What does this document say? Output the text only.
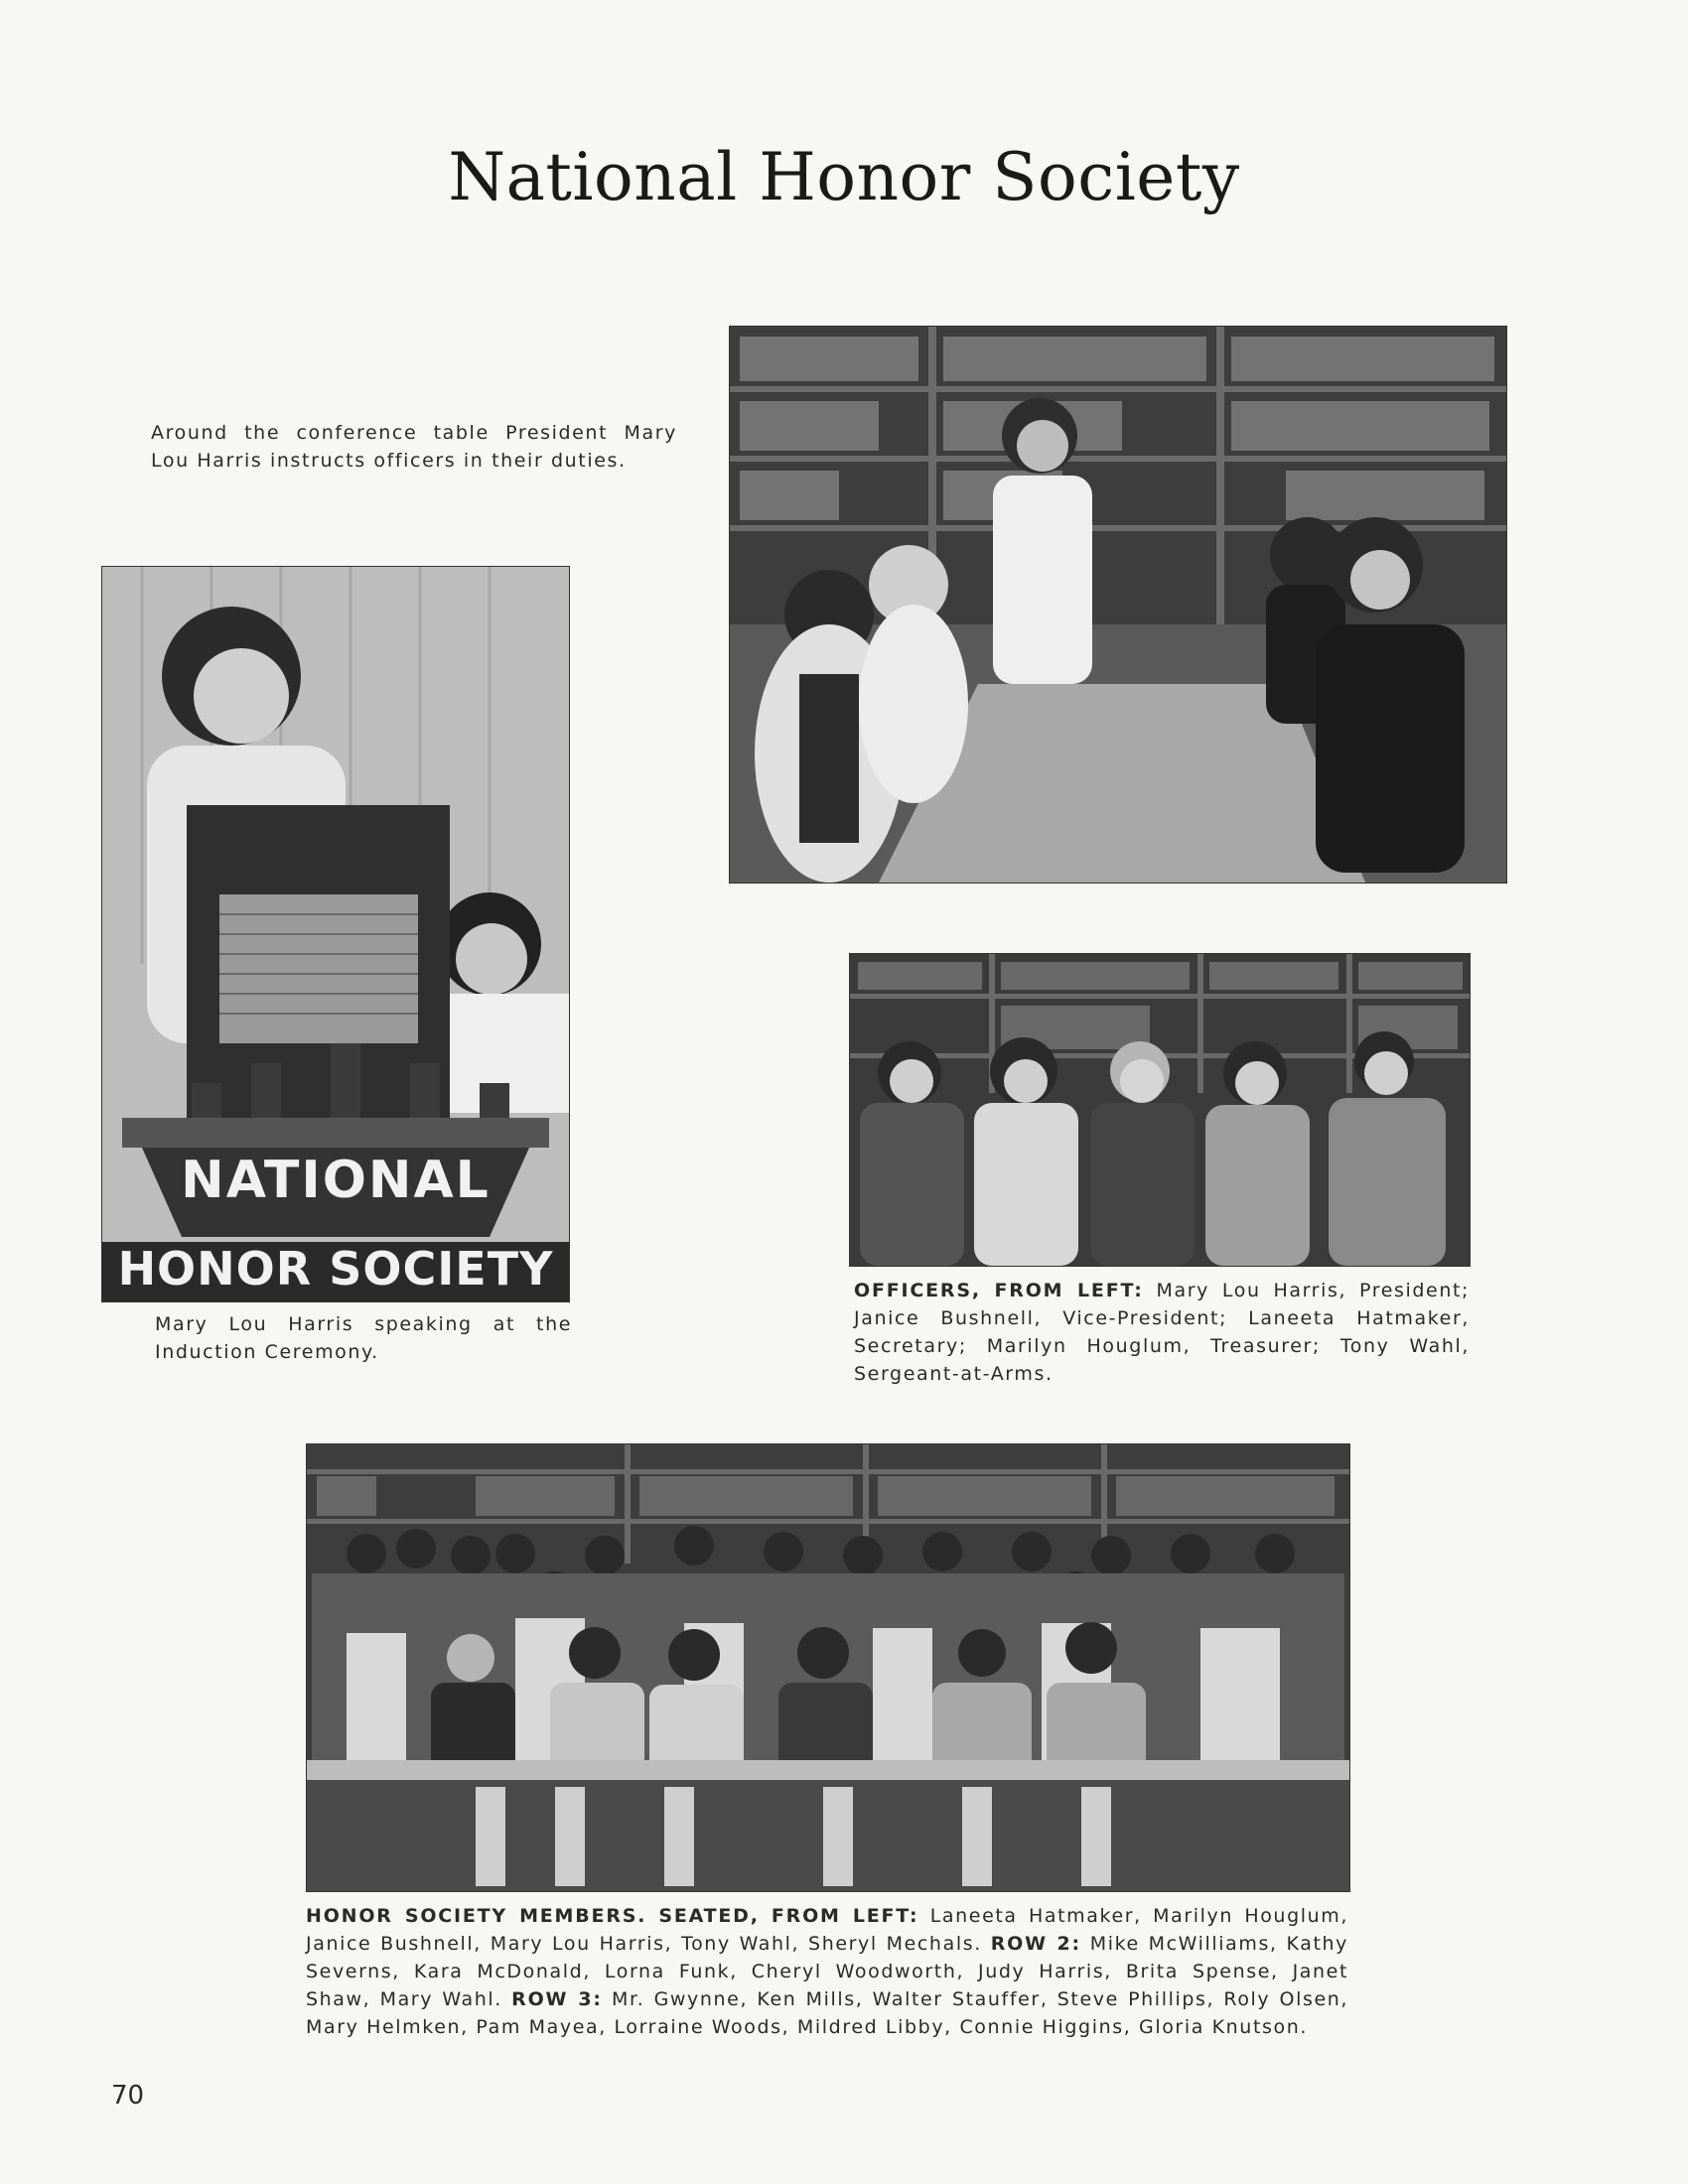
National Honor Society
Around the conference table President Mary Lou Harris instructs officers in their duties.
NATIONAL
HONOR SOCIETY
Mary Lou Harris speaking at the Induction Ceremony.
OFFICERS, FROM LEFT: Mary Lou Harris, President; Janice Bushnell, Vice-President; Laneeta Hatmaker, Secretary; Marilyn Houglum, Treasurer; Tony Wahl, Sergeant-at-Arms.
HONOR SOCIETY MEMBERS. SEATED, FROM LEFT: Laneeta Hatmaker, Marilyn Houglum, Janice Bushnell, Mary Lou Harris, Tony Wahl, Sheryl Mechals. ROW 2: Mike McWilliams, Kathy Severns, Kara McDonald, Lorna Funk, Cheryl Woodworth, Judy Harris, Brita Spense, Janet Shaw, Mary Wahl. ROW 3: Mr. Gwynne, Ken Mills, Walter Stauffer, Steve Phillips, Roly Olsen, Mary Helmken, Pam Mayea, Lorraine Woods, Mildred Libby, Connie Higgins, Gloria Knutson.
70
